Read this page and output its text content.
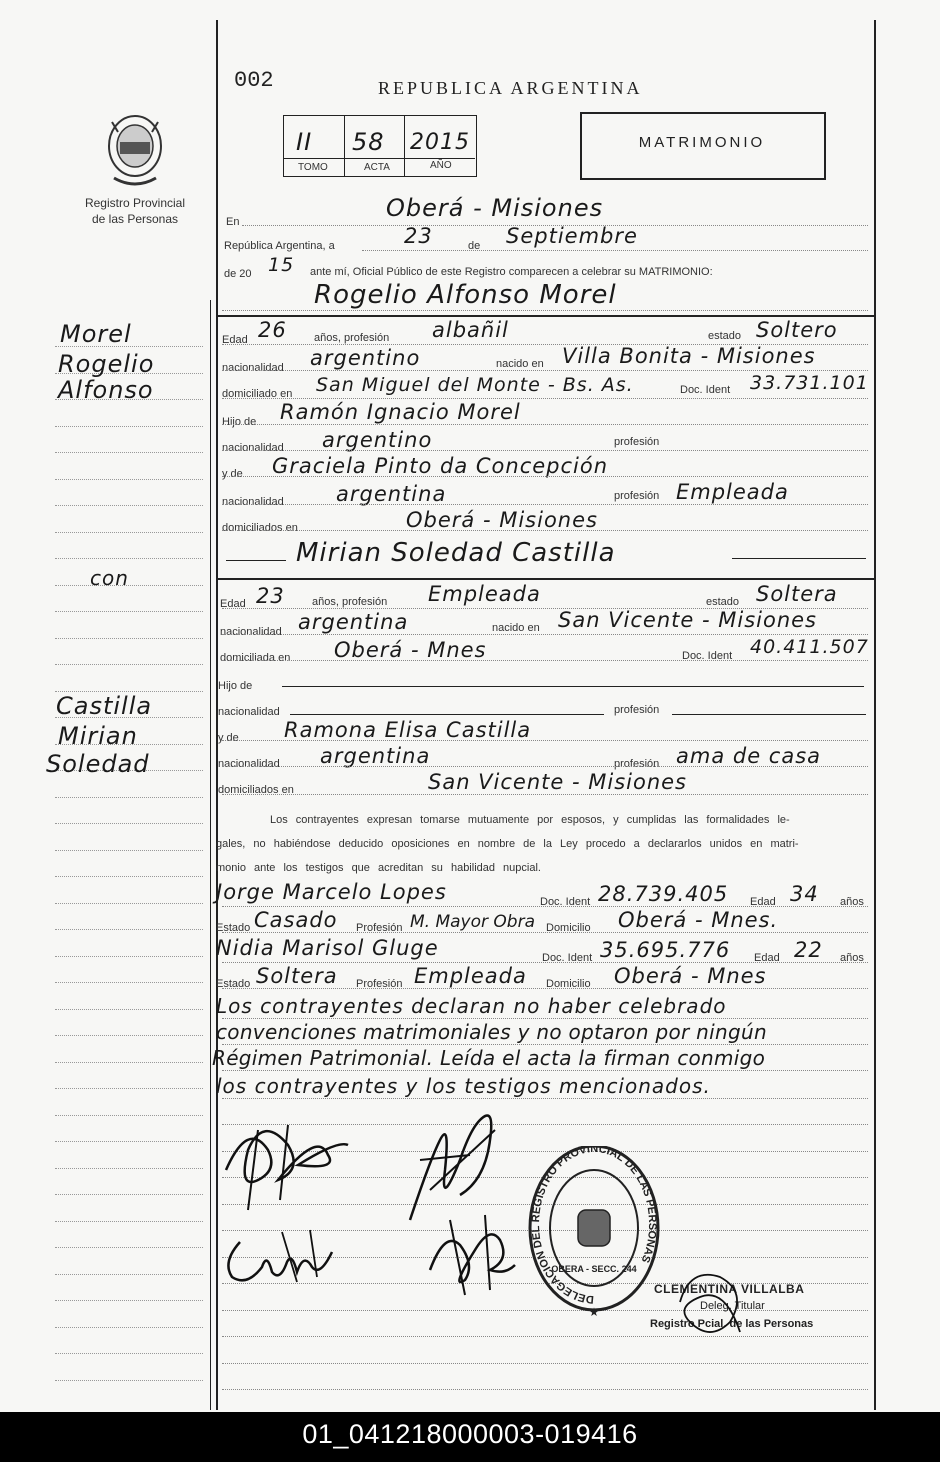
002	REPUBLICA ARGENTINA
II 58 2015
TOMO	ACTA	AÑO
MATRIMONIO
Registro Provincial
de las Personas
Morel
Rogelio
Alfonso
con
Castilla
Mirian
Soledad
En	Oberá - Misiones
República Argentina, a	23	de Septiembre
de 20 15 ante mí, Oficial Público de este Registro comparecen a celebrar su MATRIMONIO:
Rogelio Alfonso Morel
Edad 26 años, profesión albañil	estado Soltero
nacionalidad argentino	nacido en Villa Bonita - Misiones
domiciliado en San Miguel del Monte - Bs. As.	Doc. Ident 33.731.101
Hijo de Ramón Ignacio Morel
nacionalidad argentino	profesión
y de Graciela Pinto da Concepción
nacionalidad argentina	profesión Empleada
domiciliados en	Oberá - Misiones
Mirian Soledad Castilla
Edad 23 años, profesión Empleada	estado Soltera
nacionalidad argentina	nacido en San Vicente - Misiones
domiciliada en Oberá - Mnes	Doc. Ident 40.411.507
Hijo de
nacionalidad	profesión
y de Ramona Elisa Castilla
nacionalidad argentina	profesión ama de casa
domiciliados en	San Vicente - Misiones
Los contrayentes expresan tomarse mutuamente por esposos, y cumplidas las formalidades le-
gales, no habiéndose deducido oposiciones en nombre de la Ley procedo a declararlos unidos en matri-
monio ante los testigos que acreditan su habilidad nupcial.
Jorge Marcelo Lopes	Doc. Ident 28.739.405 Edad 34 años
Estado Casado Profesión M. Mayor Obra Domicilio Oberá - Mnes.
Nidia Marisol Gluge	Doc. Ident 35.695.776 Edad 22 años
Estado Soltera Profesión Empleada Domicilio Oberá - Mnes
Los contrayentes declaran no haber celebrado
convenciones matrimoniales y no optaron por ningún
Régimen Patrimonial. Leída el acta la firman conmigo
los contrayentes y los testigos mencionados.
DELEGACION DEL REGISTRO PROVINCIAL DE LAS PERSONAS
OBERA - SECC. 244
★
CLEMENTINA VILLALBA
Deleg. Titular
Registro Pcial. de las Personas
01_041218000003-019416
